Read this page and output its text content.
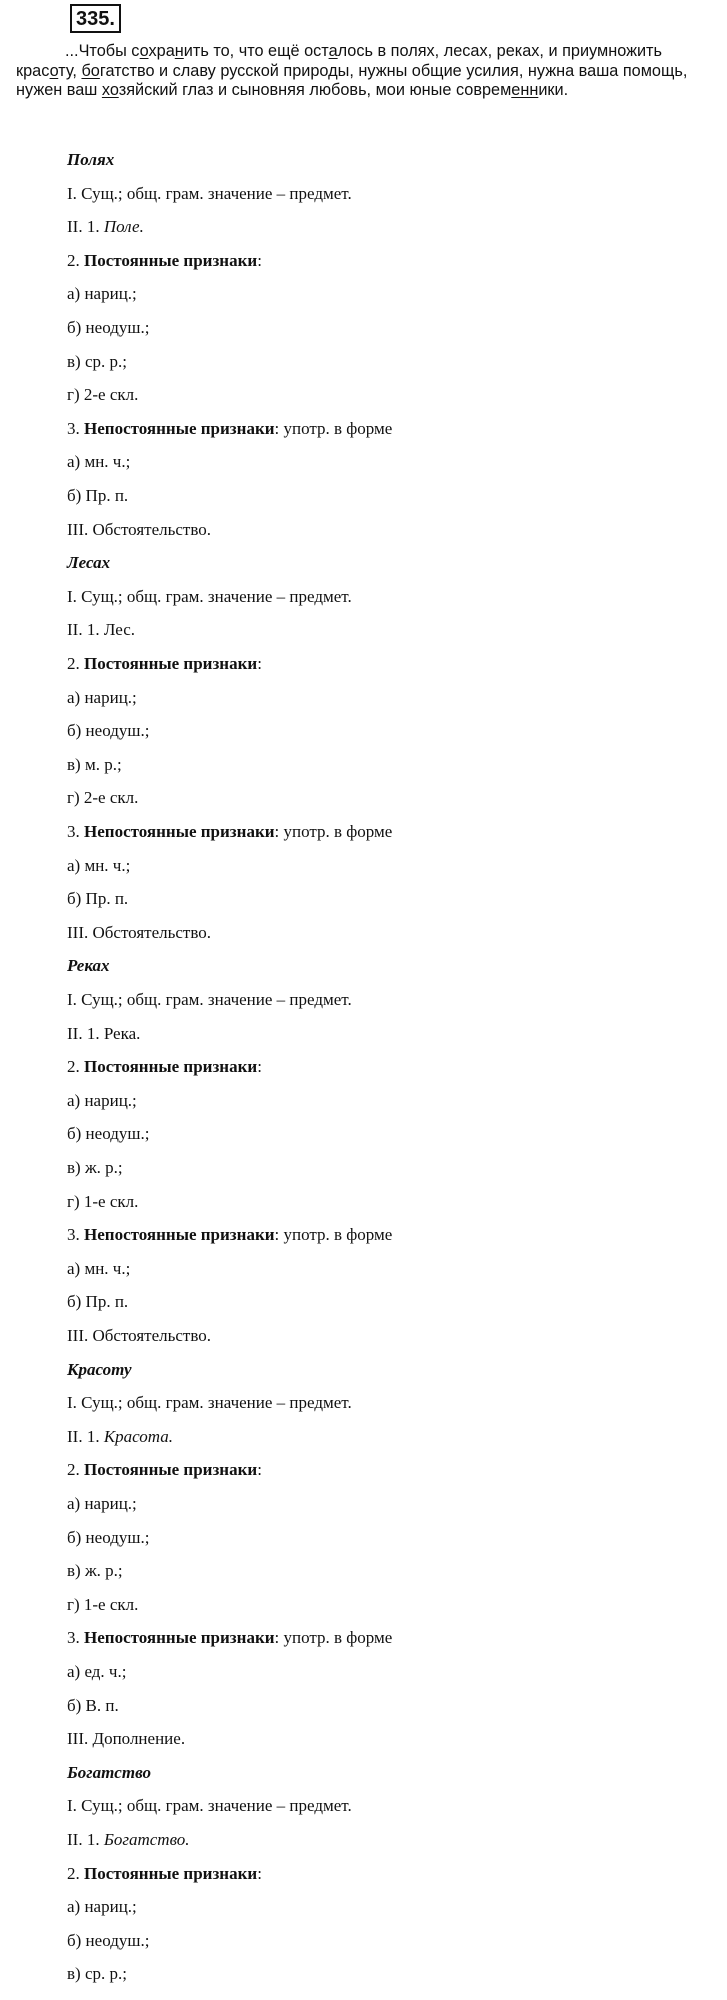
335.

...Чтобы сохранить то, что ещё осталось в полях, лесах, реках, и приумножить красоту, богатство и славу русской природы, нужны общие усилия, нужна ваша помощь, нужен ваш хозяйский глаз и сыновняя любовь, мои юные современники.

Полях
I. Сущ.; общ. грам. значение – предмет.
II. 1. Поле.
2. Постоянные признаки:
а) нариц.;
б) неодуш.;
в) ср. р.;
г) 2-е скл.
3. Непостоянные признаки: употр. в форме
а) мн. ч.;
б) Пр. п.
III. Обстоятельство.
Лесах
I. Сущ.; общ. грам. значение – предмет.
II. 1. Лес.
2. Постоянные признаки:
а) нариц.;
б) неодуш.;
в) м. р.;
г) 2-е скл.
3. Непостоянные признаки: употр. в форме
а) мн. ч.;
б) Пр. п.
III. Обстоятельство.
Реках
I. Сущ.; общ. грам. значение – предмет.
II. 1. Река.
2. Постоянные признаки:
а) нариц.;
б) неодуш.;
в) ж. р.;
г) 1-е скл.
3. Непостоянные признаки: употр. в форме
а) мн. ч.;
б) Пр. п.
III. Обстоятельство.
Красоту
I. Сущ.; общ. грам. значение – предмет.
II. 1. Красота.
2. Постоянные признаки:
а) нариц.;
б) неодуш.;
в) ж. р.;
г) 1-е скл.
3. Непостоянные признаки: употр. в форме
а) ед. ч.;
б) В. п.
III. Дополнение.
Богатство
I. Сущ.; общ. грам. значение – предмет.
II. 1. Богатство.
2. Постоянные признаки:
а) нариц.;
б) неодуш.;
в) ср. р.;
